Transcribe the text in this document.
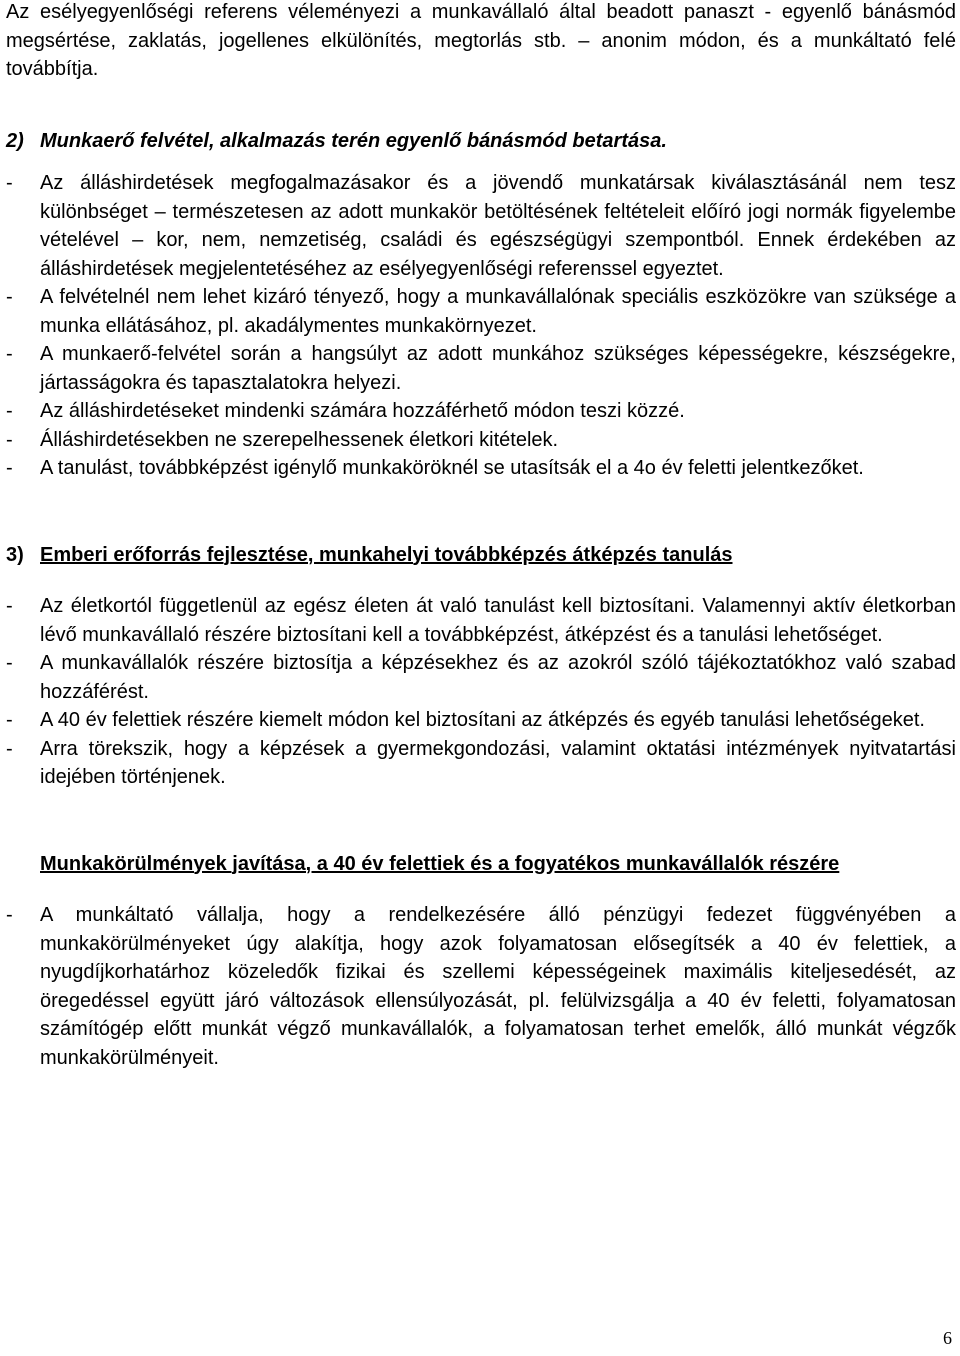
Az esélyegyenlőségi referens véleményezi a munkavállaló által beadott panaszt - egyenlő bánásmód megsértése, zaklatás, jogellenes elkülönítés, megtorlás stb. – anonim módon, és a munkáltató felé továbbítja.

2) Munkaerő felvétel, alkalmazás terén egyenlő bánásmód betartása.

- Az álláshirdetések megfogalmazásakor és a jövendő munkatársak kiválasztásánál nem tesz különbséget – természetesen az adott munkakör betöltésének feltételeit előíró jogi normák figyelembe vételével – kor, nem, nemzetiség, családi és egészségügyi szempontból. Ennek érdekében az álláshirdetések megjelentetéséhez az esélyegyenlőségi referenssel egyeztet.
- A felvételnél nem lehet kizáró tényező, hogy a munkavállalónak speciális eszközökre van szüksége a munka ellátásához, pl. akadálymentes munkakörnyezet.
- A munkaerő-felvétel során a hangsúlyt az adott munkához szükséges képességekre, készségekre, jártasságokra és tapasztalatokra helyezi.
- Az álláshirdetéseket mindenki számára hozzáférhető módon teszi közzé.
- Álláshirdetésekben ne szerepelhessenek életkori kitételek.
- A tanulást, továbbképzést igénylő munkaköröknél se utasítsák el a 4o év feletti jelentkezőket.

3) Emberi erőforrás fejlesztése, munkahelyi továbbképzés átképzés tanulás

- Az életkortól függetlenül az egész életen át való tanulást kell biztosítani. Valamennyi aktív életkorban lévő munkavállaló részére biztosítani kell a továbbképzést, átképzést és a tanulási lehetőséget.
- A munkavállalók részére biztosítja a képzésekhez és az azokról szóló tájékoztatókhoz való szabad hozzáférést.
- A 40 év felettiek részére kiemelt módon kel biztosítani az átképzés és egyéb tanulási lehetőségeket.
- Arra törekszik, hogy a képzések a gyermekgondozási, valamint oktatási intézmények nyitvatartási idejében történjenek.

Munkakörülmények javítása, a 40 év felettiek és a fogyatékos munkavállalók részére

- A munkáltató vállalja, hogy a rendelkezésére álló pénzügyi fedezet függvényében a munkakörülményeket úgy alakítja, hogy azok folyamatosan elősegítsék a 40 év felettiek, a nyugdíjkorhatárhoz közeledők fizikai és szellemi képességeinek maximális kiteljesedését, az öregedéssel együtt járó változások ellensúlyozását, pl. felülvizsgálja a 40 év feletti, folyamatosan számítógép előtt munkát végző munkavállalók, a folyamatosan terhet emelők, álló munkát végzők munkakörülményeit.
6
